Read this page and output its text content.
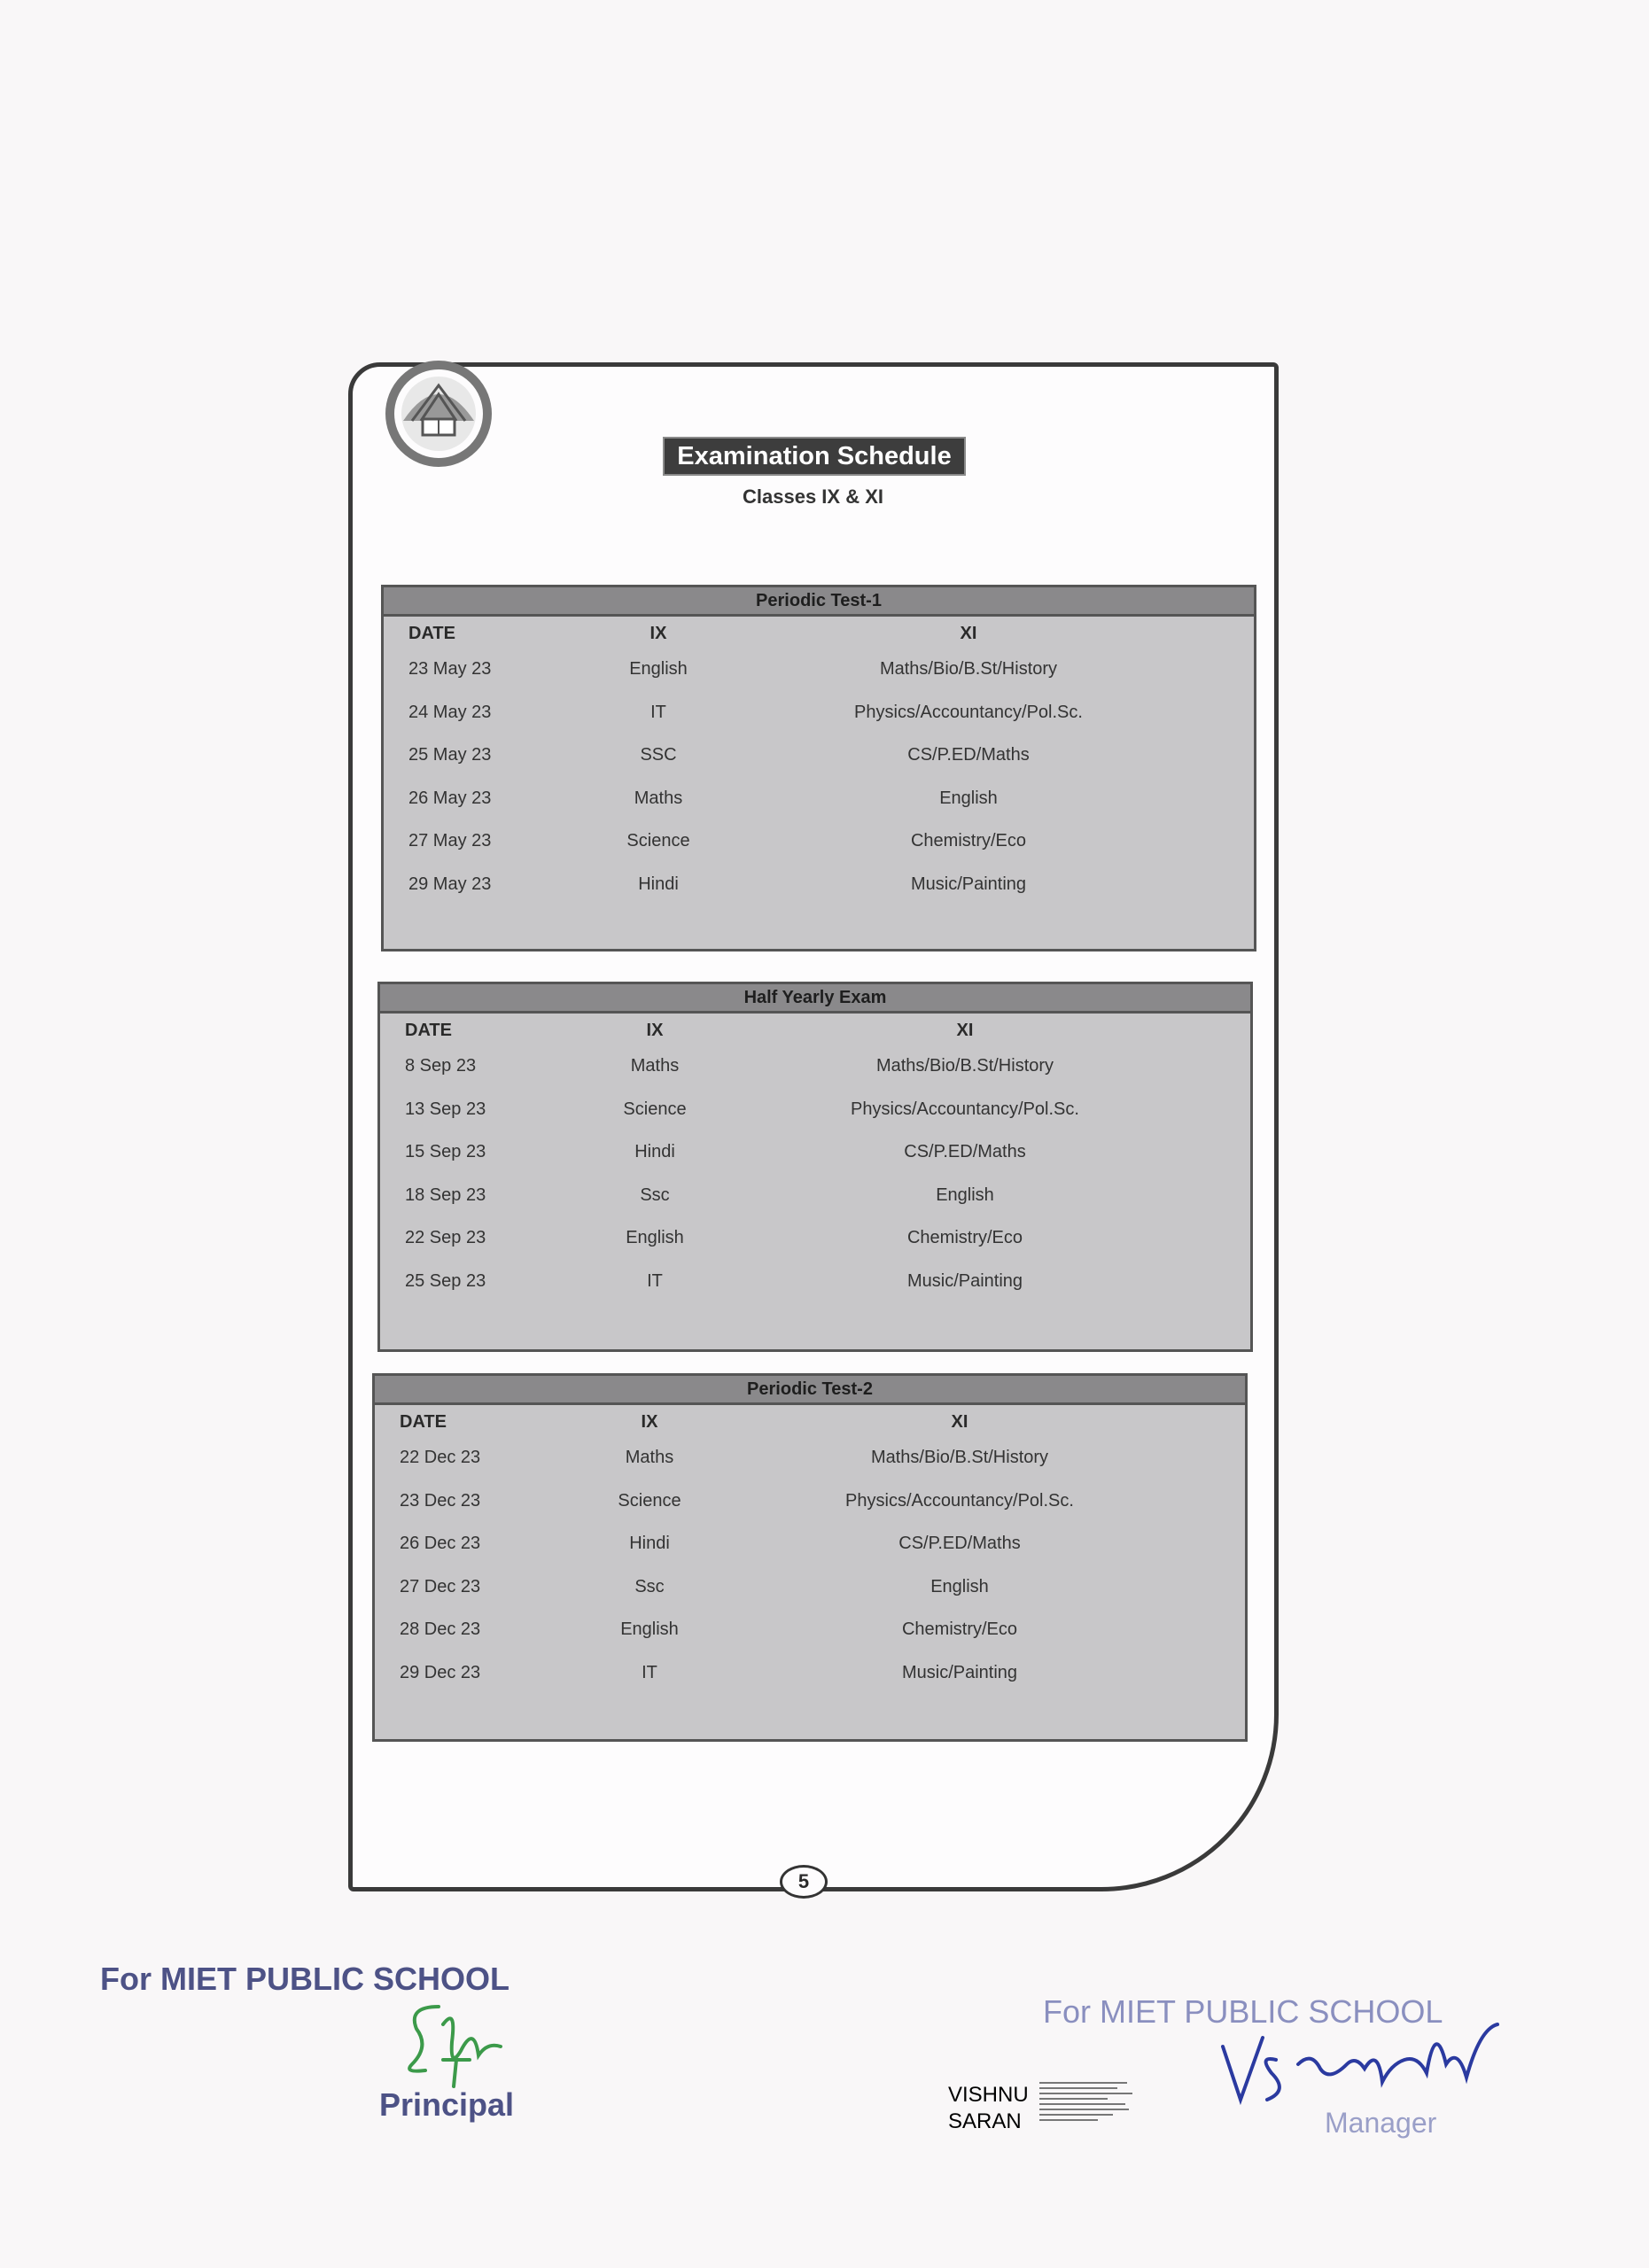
Examination Schedule
Classes IX & XI
Periodic Test-1
DATE	IX	XI
23 May 23	English	Maths/Bio/B.St/History
24 May 23	IT	Physics/Accountancy/Pol.Sc.
25 May 23	SSC	CS/P.ED/Maths
26 May 23	Maths	English
27 May 23	Science	Chemistry/Eco
29 May 23	Hindi	Music/Painting
Half Yearly Exam
DATE	IX	XI
8 Sep 23	Maths	Maths/Bio/B.St/History
13 Sep 23	Science	Physics/Accountancy/Pol.Sc.
15 Sep 23	Hindi	CS/P.ED/Maths
18 Sep 23	Ssc	English
22 Sep 23	English	Chemistry/Eco
25 Sep 23	IT	Music/Painting
Periodic Test-2
DATE	IX	XI
22 Dec 23	Maths	Maths/Bio/B.St/History
23 Dec 23	Science	Physics/Accountancy/Pol.Sc.
26 Dec 23	Hindi	CS/P.ED/Maths
27 Dec 23	Ssc	English
28 Dec 23	English	Chemistry/Eco
29 Dec 23	IT	Music/Painting
5
For MIET PUBLIC SCHOOL
Principal
For MIET PUBLIC SCHOOL
Manager
VISHNU
SARAN
